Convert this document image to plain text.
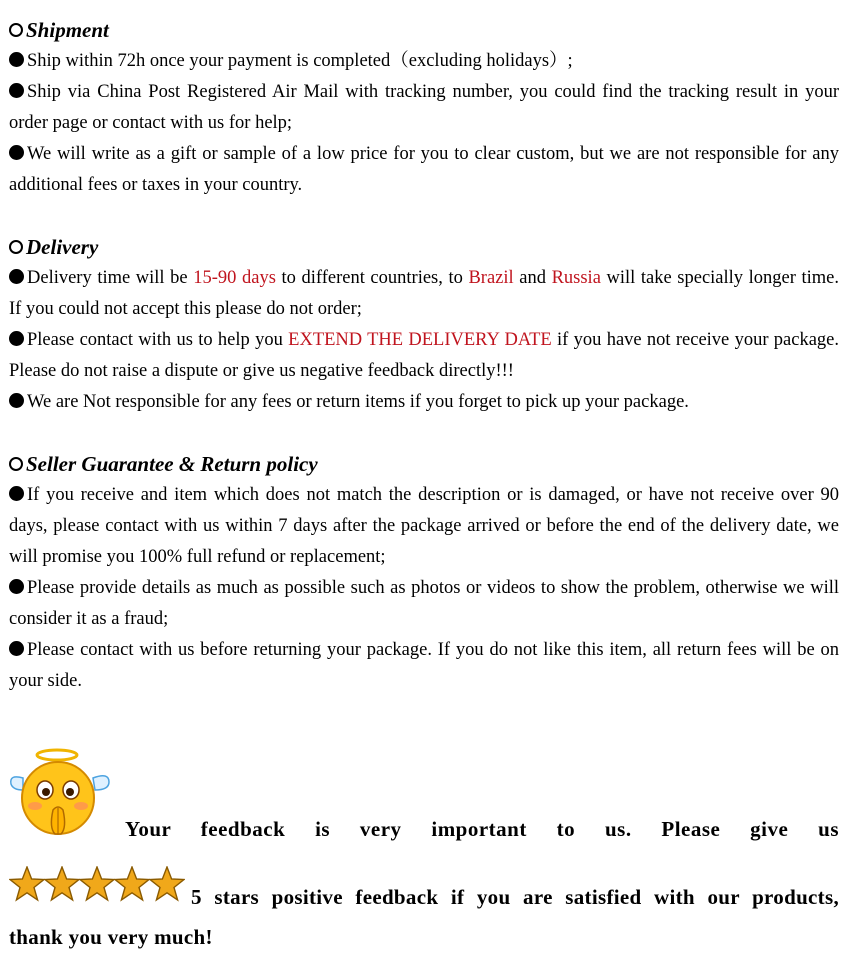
Shipment
Ship within 72h once your payment is completed（excluding holidays）;
Ship via China Post Registered Air Mail with tracking number, you could find the tracking result in your order page or contact with us for help;
We will write as a gift or sample of a low price for you to clear custom, but we are not responsible for any additional fees or taxes in your country.
Delivery
Delivery time will be 15-90 days to different countries, to Brazil and Russia will take specially longer time. If you could not accept this please do not order;
Please contact with us to help you EXTEND THE DELIVERY DATE if you have not receive your package. Please do not raise a dispute or give us negative feedback directly!!!
We are Not responsible for any fees or return items if you forget to pick up your package.
Seller Guarantee & Return policy
If you receive and item which does not match the description or is damaged, or have not receive over 90 days, please contact with us within 7 days after the package arrived or before the end of the delivery date, we will promise you 100% full refund or replacement;
Please provide details as much as possible such as photos or videos to show the problem, otherwise we will consider it as a fraud;
Please contact with us before returning your package. If you do not like this item, all return fees will be on your side.
Your feedback is very important to us. Please give us
5 stars positive feedback if you are satisfied with our products,
thank you very much!
